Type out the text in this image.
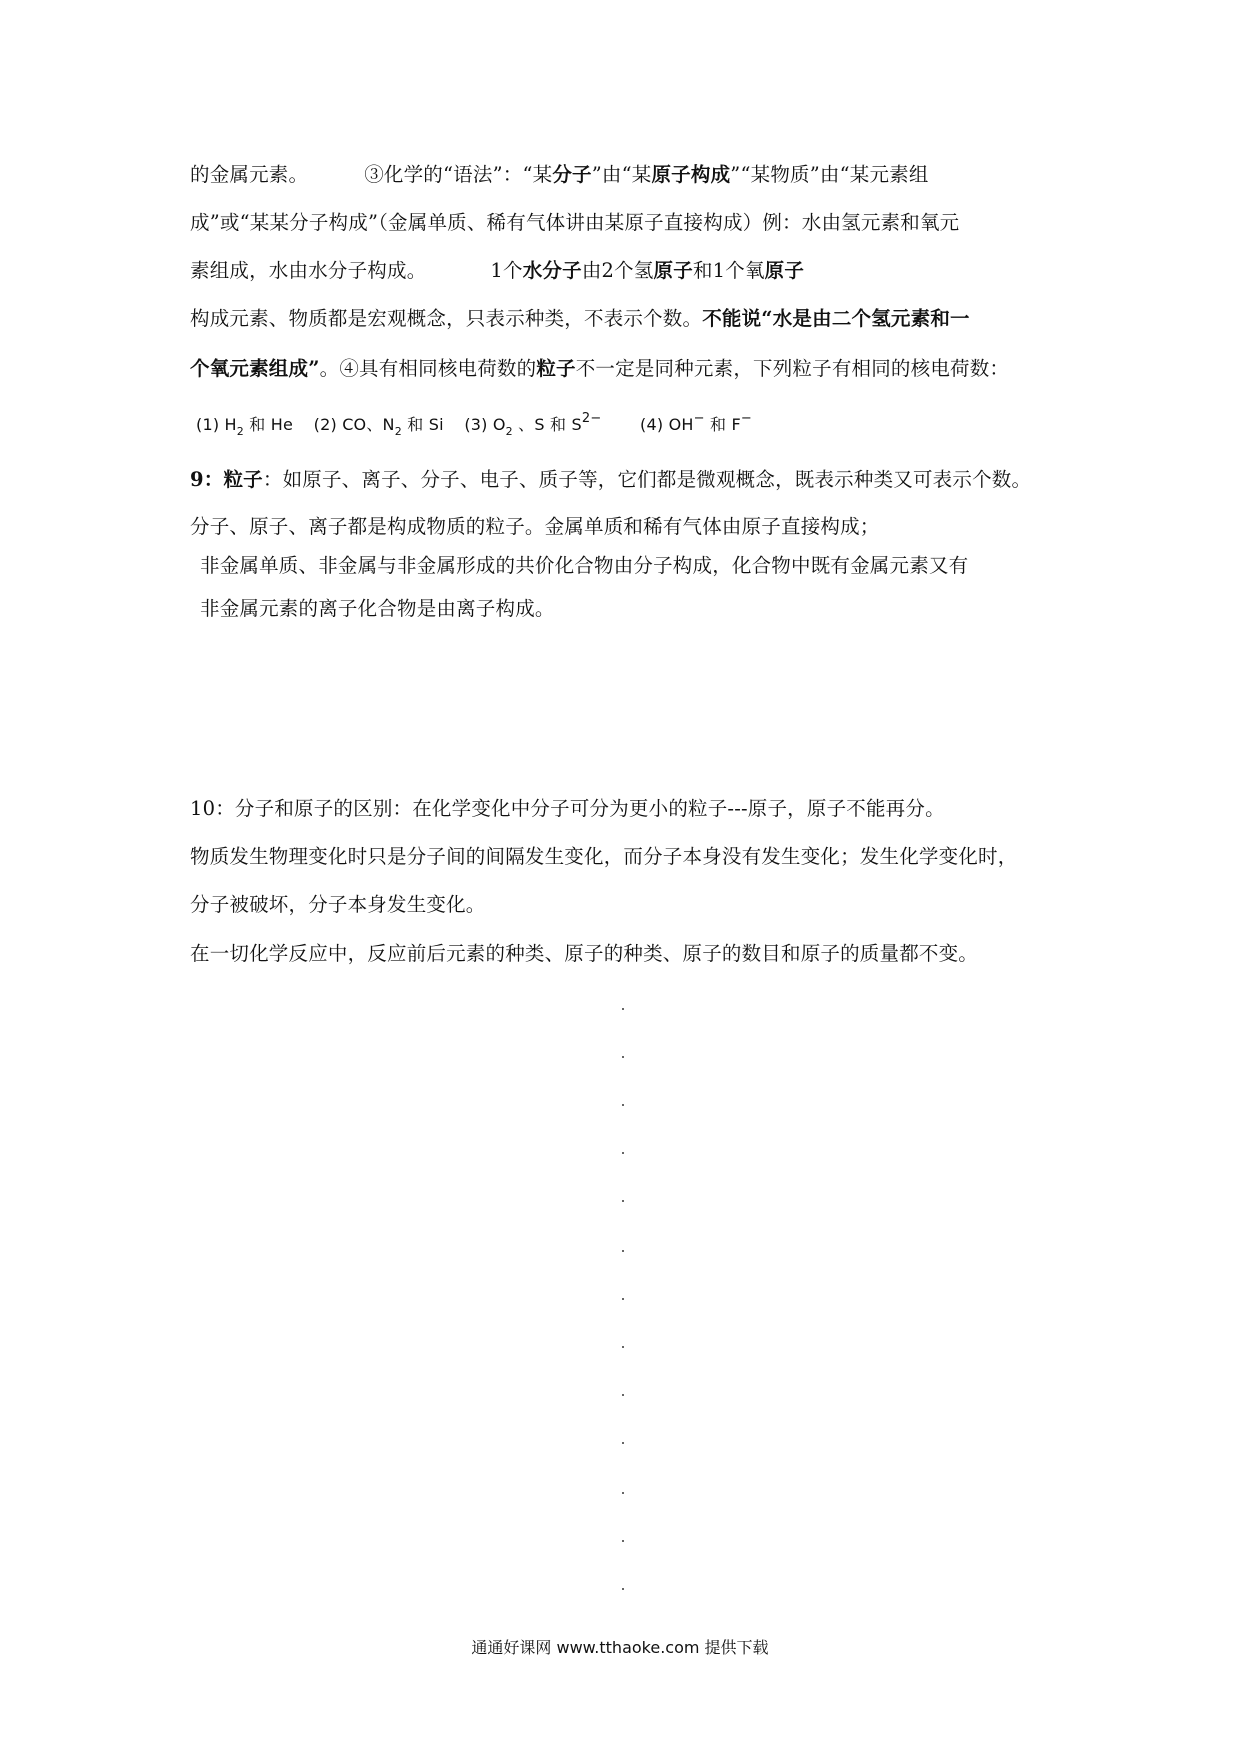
的金属元素。	③化学的“语法”：“某分子”由“某原子构成”“某物质”由“某元素组
成”或“某某分子构成”（金属单质、稀有气体讲由某原子直接构成）例：水由氢元素和氧元
素组成，水由水分子构成。	1个水分子由2个氢原子和1个氧原子
构成元素、物质都是宏观概念，只表示种类，不表示个数。不能说“水是由二个氢元素和一
个氧元素组成”。④具有相同核电荷数的粒子不一定是同种元素，下列粒子有相同的核电荷数：
(1) $H_2$ 和 He (2) CO、$N_2$ 和 Si (3) $O_2$ 、S 和 $S^{2-}$ (4) OH− 和 F−
9：粒子：如原子、离子、分子、电子、质子等，它们都是微观概念，既表示种类又可表示个数。
分子、原子、离子都是构成物质的粒子。金属单质和稀有气体由原子直接构成；
非金属单质、非金属与非金属形成的共价化合物由分子构成，化合物中既有金属元素又有
非金属元素的离子化合物是由离子构成。
10：分子和原子的区别：在化学变化中分子可分为更小的粒子---原子，原子不能再分。
物质发生物理变化时只是分子间的间隔发生变化，而分子本身没有发生变化；发生化学变化时，
分子被破坏，分子本身发生变化。
在一切化学反应中，反应前后元素的种类、原子的种类、原子的数目和原子的质量都不变。
通通好课网 www.tthaoke.com 提供下载
